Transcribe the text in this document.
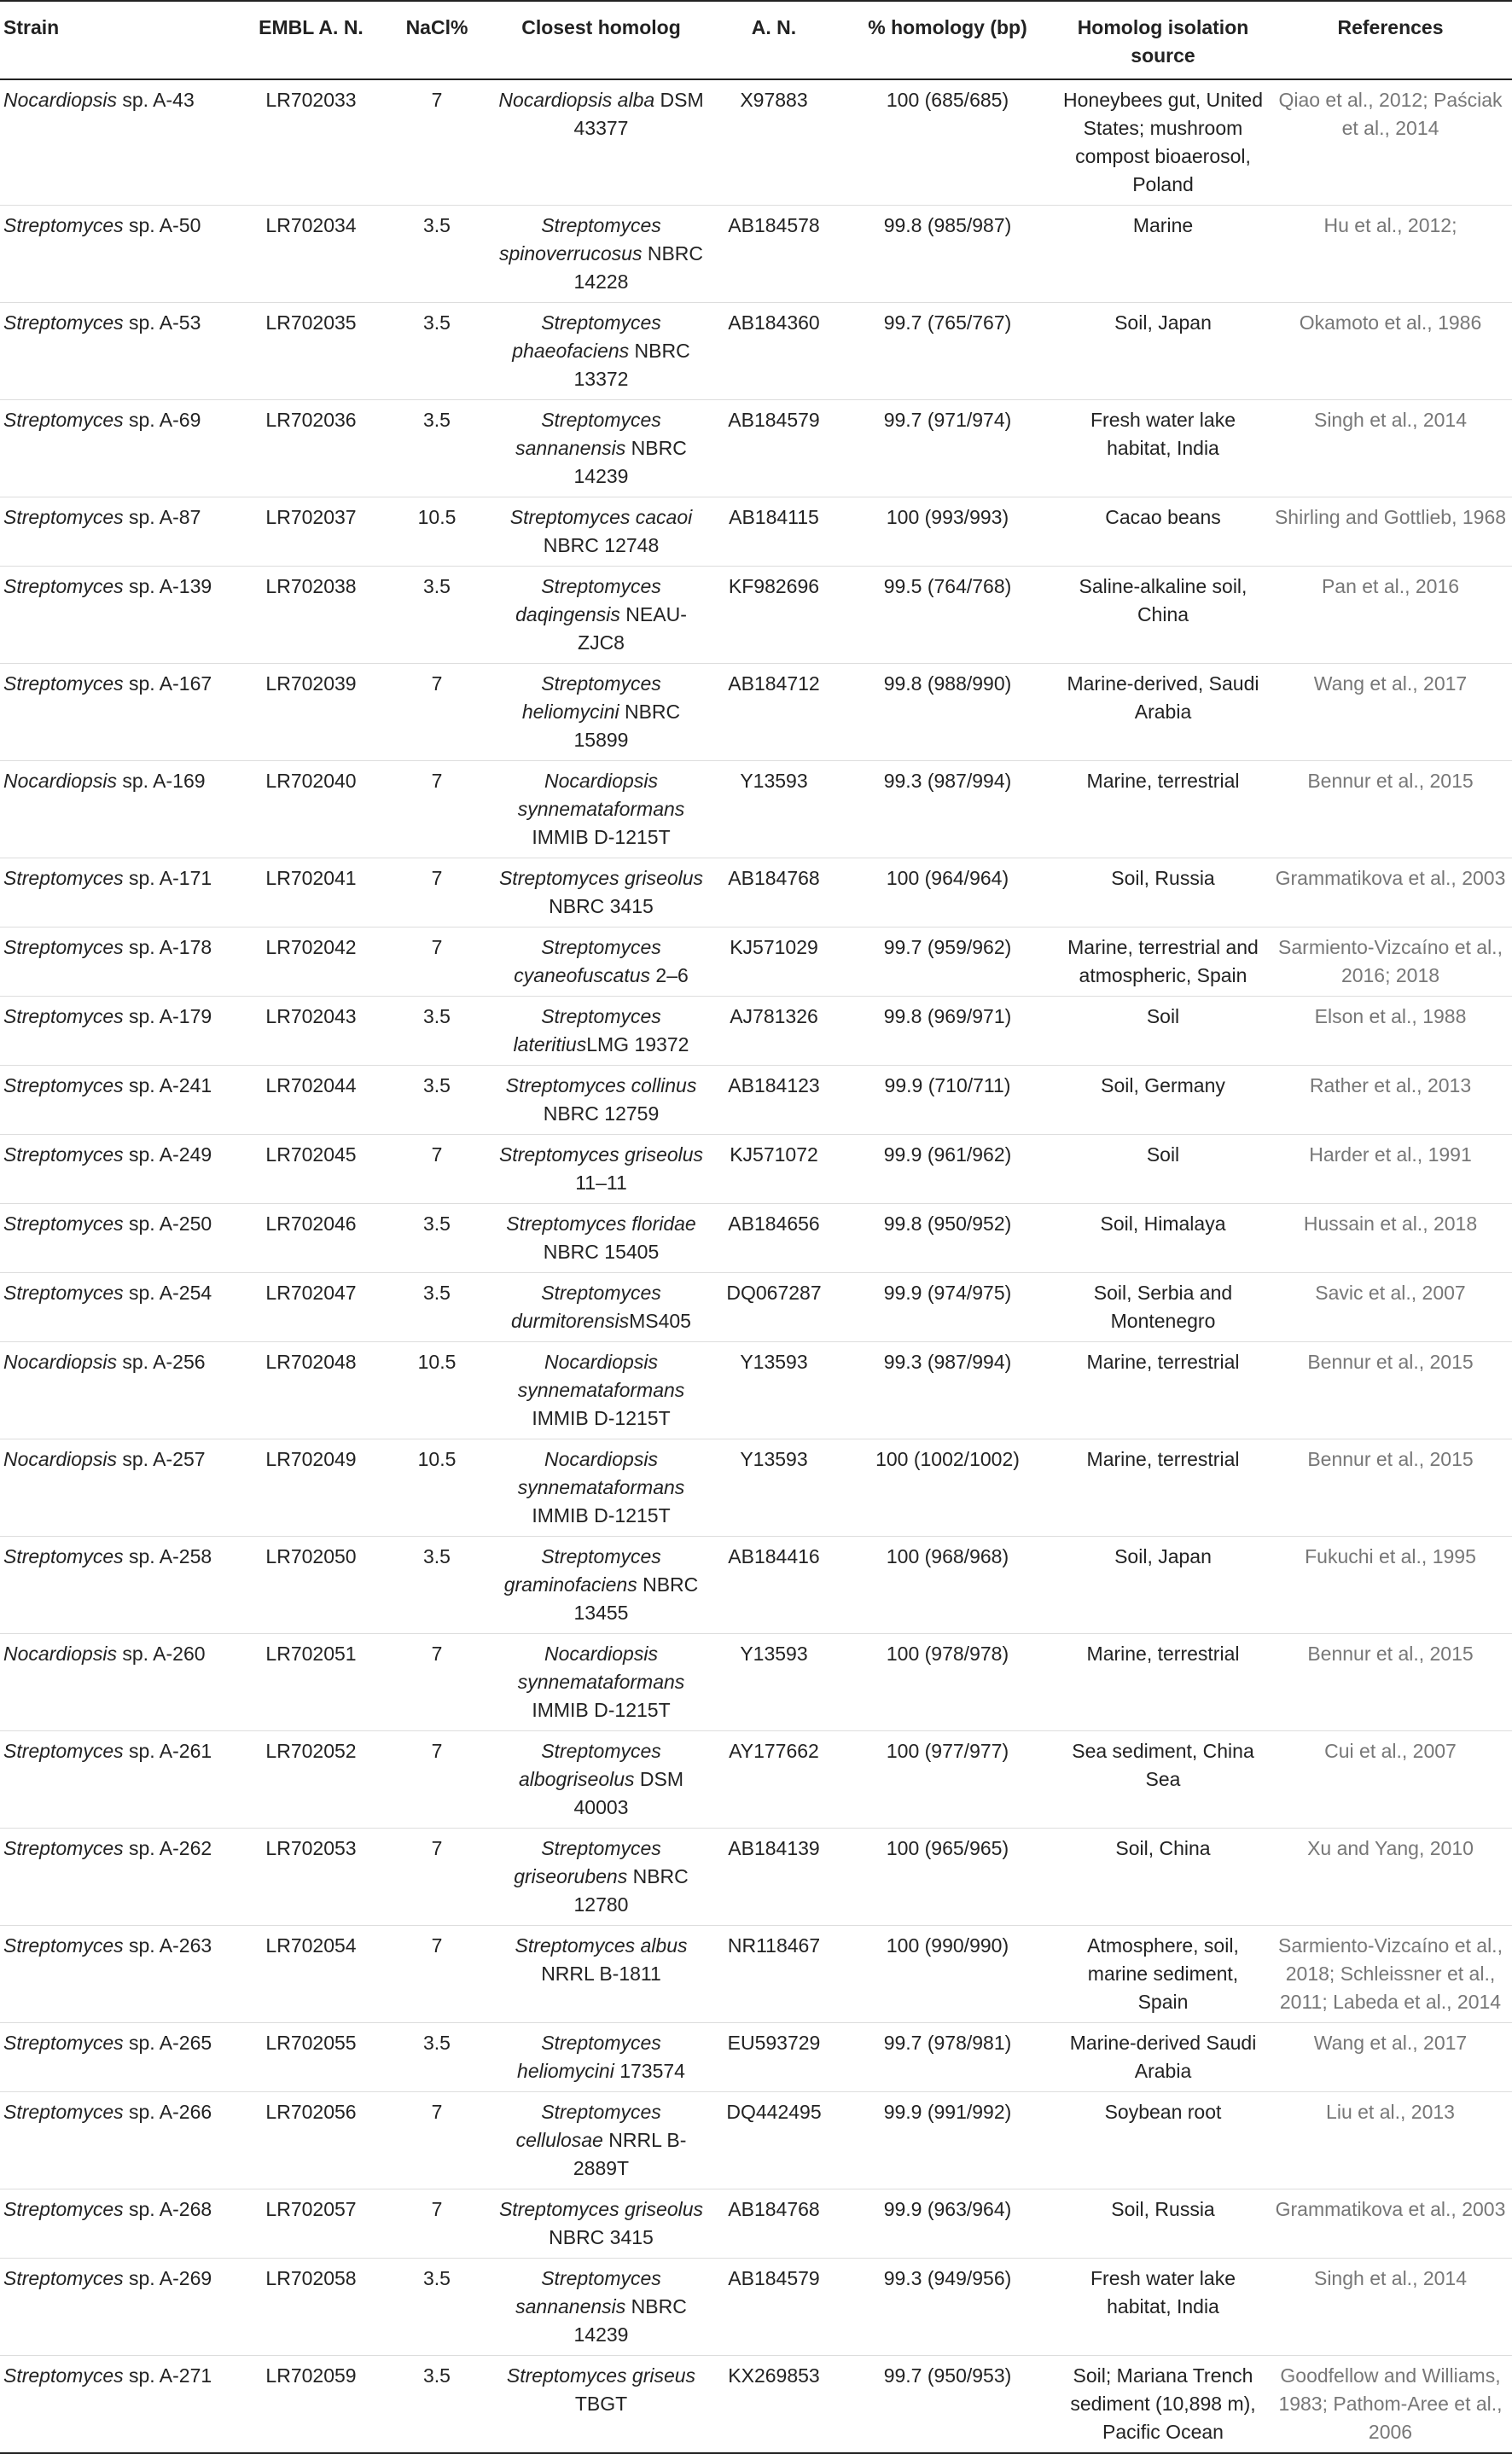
Strain	EMBL A. N.	NaCl%	Closest homolog	A. N.	% homology (bp)	Homolog isolation source	References
Nocardiopsis sp. A-43	LR702033	7	Nocardiopsis alba DSM 43377	X97883	100 (685/685)	Honeybees gut, United States; mushroom compost bioaerosol, Poland	Qiao et al., 2012; Paściak et al., 2014
Streptomyces sp. A-50	LR702034	3.5	Streptomyces spinoverrucosus NBRC 14228	AB184578	99.8 (985/987)	Marine	Hu et al., 2012;
Streptomyces sp. A-53	LR702035	3.5	Streptomyces phaeofaciens NBRC 13372	AB184360	99.7 (765/767)	Soil, Japan	Okamoto et al., 1986
Streptomyces sp. A-69	LR702036	3.5	Streptomyces sannanensis NBRC 14239	AB184579	99.7 (971/974)	Fresh water lake habitat, India	Singh et al., 2014
Streptomyces sp. A-87	LR702037	10.5	Streptomyces cacaoi NBRC 12748	AB184115	100 (993/993)	Cacao beans	Shirling and Gottlieb, 1968
Streptomyces sp. A-139	LR702038	3.5	Streptomyces daqingensis NEAU-ZJC8	KF982696	99.5 (764/768)	Saline-alkaline soil, China	Pan et al., 2016
Streptomyces sp. A-167	LR702039	7	Streptomyces heliomycini NBRC 15899	AB184712	99.8 (988/990)	Marine-derived, Saudi Arabia	Wang et al., 2017
Nocardiopsis sp. A-169	LR702040	7	Nocardiopsis synnemataformans IMMIB D-1215T	Y13593	99.3 (987/994)	Marine, terrestrial	Bennur et al., 2015
Streptomyces sp. A-171	LR702041	7	Streptomyces griseolus NBRC 3415	AB184768	100 (964/964)	Soil, Russia	Grammatikova et al., 2003
Streptomyces sp. A-178	LR702042	7	Streptomyces cyaneofuscatus 2–6	KJ571029	99.7 (959/962)	Marine, terrestrial and atmospheric, Spain	Sarmiento-Vizcaíno et al., 2016; 2018
Streptomyces sp. A-179	LR702043	3.5	Streptomyces lateritiusLMG 19372	AJ781326	99.8 (969/971)	Soil	Elson et al., 1988
Streptomyces sp. A-241	LR702044	3.5	Streptomyces collinus NBRC 12759	AB184123	99.9 (710/711)	Soil, Germany	Rather et al., 2013
Streptomyces sp. A-249	LR702045	7	Streptomyces griseolus 11–11	KJ571072	99.9 (961/962)	Soil	Harder et al., 1991
Streptomyces sp. A-250	LR702046	3.5	Streptomyces floridae NBRC 15405	AB184656	99.8 (950/952)	Soil, Himalaya	Hussain et al., 2018
Streptomyces sp. A-254	LR702047	3.5	Streptomyces durmitorensisMS405	DQ067287	99.9 (974/975)	Soil, Serbia and Montenegro	Savic et al., 2007
Nocardiopsis sp. A-256	LR702048	10.5	Nocardiopsis synnemataformans IMMIB D-1215T	Y13593	99.3 (987/994)	Marine, terrestrial	Bennur et al., 2015
Nocardiopsis sp. A-257	LR702049	10.5	Nocardiopsis synnemataformans IMMIB D-1215T	Y13593	100 (1002/1002)	Marine, terrestrial	Bennur et al., 2015
Streptomyces sp. A-258	LR702050	3.5	Streptomyces graminofaciens NBRC 13455	AB184416	100 (968/968)	Soil, Japan	Fukuchi et al., 1995
Nocardiopsis sp. A-260	LR702051	7	Nocardiopsis synnemataformans IMMIB D-1215T	Y13593	100 (978/978)	Marine, terrestrial	Bennur et al., 2015
Streptomyces sp. A-261	LR702052	7	Streptomyces albogriseolus DSM 40003	AY177662	100 (977/977)	Sea sediment, China Sea	Cui et al., 2007
Streptomyces sp. A-262	LR702053	7	Streptomyces griseorubens NBRC 12780	AB184139	100 (965/965)	Soil, China	Xu and Yang, 2010
Streptomyces sp. A-263	LR702054	7	Streptomyces albus NRRL B-1811	NR118467	100 (990/990)	Atmosphere, soil, marine sediment, Spain	Sarmiento-Vizcaíno et al., 2018; Schleissner et al., 2011; Labeda et al., 2014
Streptomyces sp. A-265	LR702055	3.5	Streptomyces heliomycini 173574	EU593729	99.7 (978/981)	Marine-derived Saudi Arabia	Wang et al., 2017
Streptomyces sp. A-266	LR702056	7	Streptomyces cellulosae NRRL B-2889T	DQ442495	99.9 (991/992)	Soybean root	Liu et al., 2013
Streptomyces sp. A-268	LR702057	7	Streptomyces griseolus NBRC 3415	AB184768	99.9 (963/964)	Soil, Russia	Grammatikova et al., 2003
Streptomyces sp. A-269	LR702058	3.5	Streptomyces sannanensis NBRC 14239	AB184579	99.3 (949/956)	Fresh water lake habitat, India	Singh et al., 2014
Streptomyces sp. A-271	LR702059	3.5	Streptomyces griseus TBGT	KX269853	99.7 (950/953)	Soil; Mariana Trench sediment (10,898 m), Pacific Ocean	Goodfellow and Williams, 1983; Pathom-Aree et al., 2006
